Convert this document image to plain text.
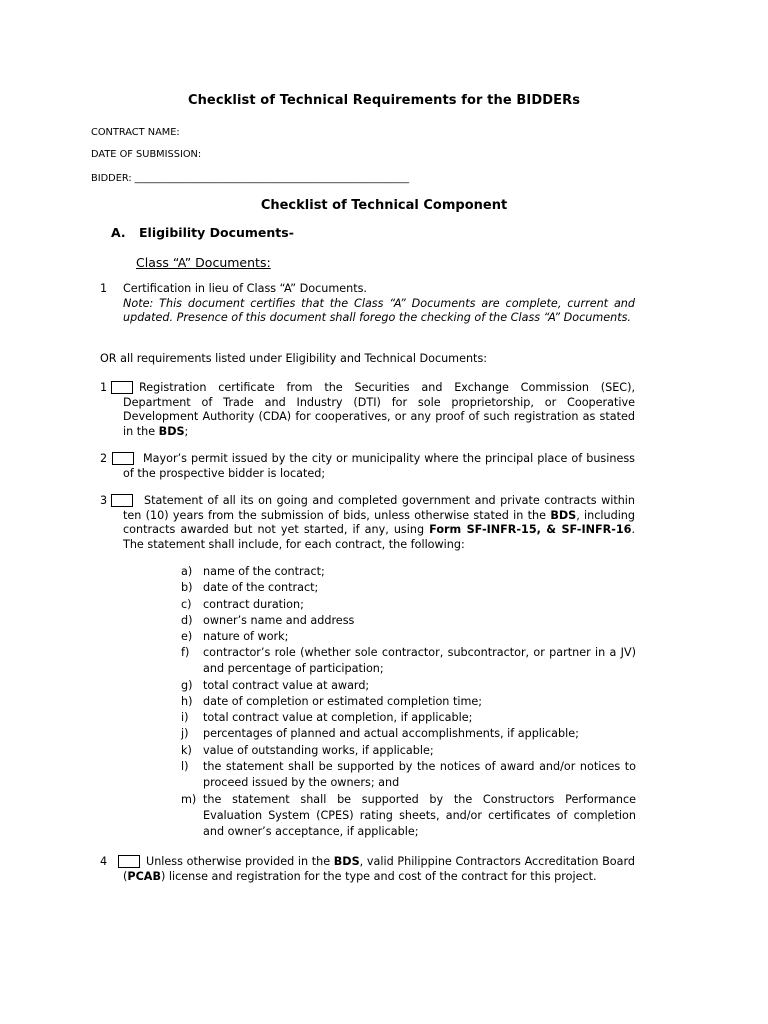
Checklist of Technical Requirements for the BIDDERs
CONTRACT NAME:
DATE OF SUBMISSION:
BIDDER: ________________________________________________________
Checklist of Technical Component
A. Eligibility Documents-
Class “A” Documents:
1 Certification in lieu of Class “A” Documents.
Note: This document certifies that the Class “A” Documents are complete, current and updated. Presence of this document shall forego the checking of the Class “A” Documents.
OR all requirements listed under Eligibility and Technical Documents:
1	Registration certificate from the Securities and Exchange Commission (SEC), Department of Trade and Industry (DTI) for sole proprietorship, or Cooperative Development Authority (CDA) for cooperatives, or any proof of such registration as stated in the BDS;
2	Mayor’s permit issued by the city or municipality where the principal place of business of the prospective bidder is located;
3	Statement of all its on going and completed government and private contracts within ten (10) years from the submission of bids, unless otherwise stated in the BDS, including contracts awarded but not yet started, if any, using Form SF-INFR-15, & SF-INFR-16. The statement shall include, for each contract, the following:
a) name of the contract;
b) date of the contract;
c) contract duration;
d) owner’s name and address
e) nature of work;
f) contractor’s role (whether sole contractor, subcontractor, or partner in a JV) and percentage of participation;
g) total contract value at award;
h) date of completion or estimated completion time;
i) total contract value at completion, if applicable;
j) percentages of planned and actual accomplishments, if applicable;
k) value of outstanding works, if applicable;
l) the statement shall be supported by the notices of award and/or notices to proceed issued by the owners; and
m) the statement shall be supported by the Constructors Performance Evaluation System (CPES) rating sheets, and/or certificates of completion and owner’s acceptance, if applicable;
4	Unless otherwise provided in the BDS, valid Philippine Contractors Accreditation Board (PCAB) license and registration for the type and cost of the contract for this project.
